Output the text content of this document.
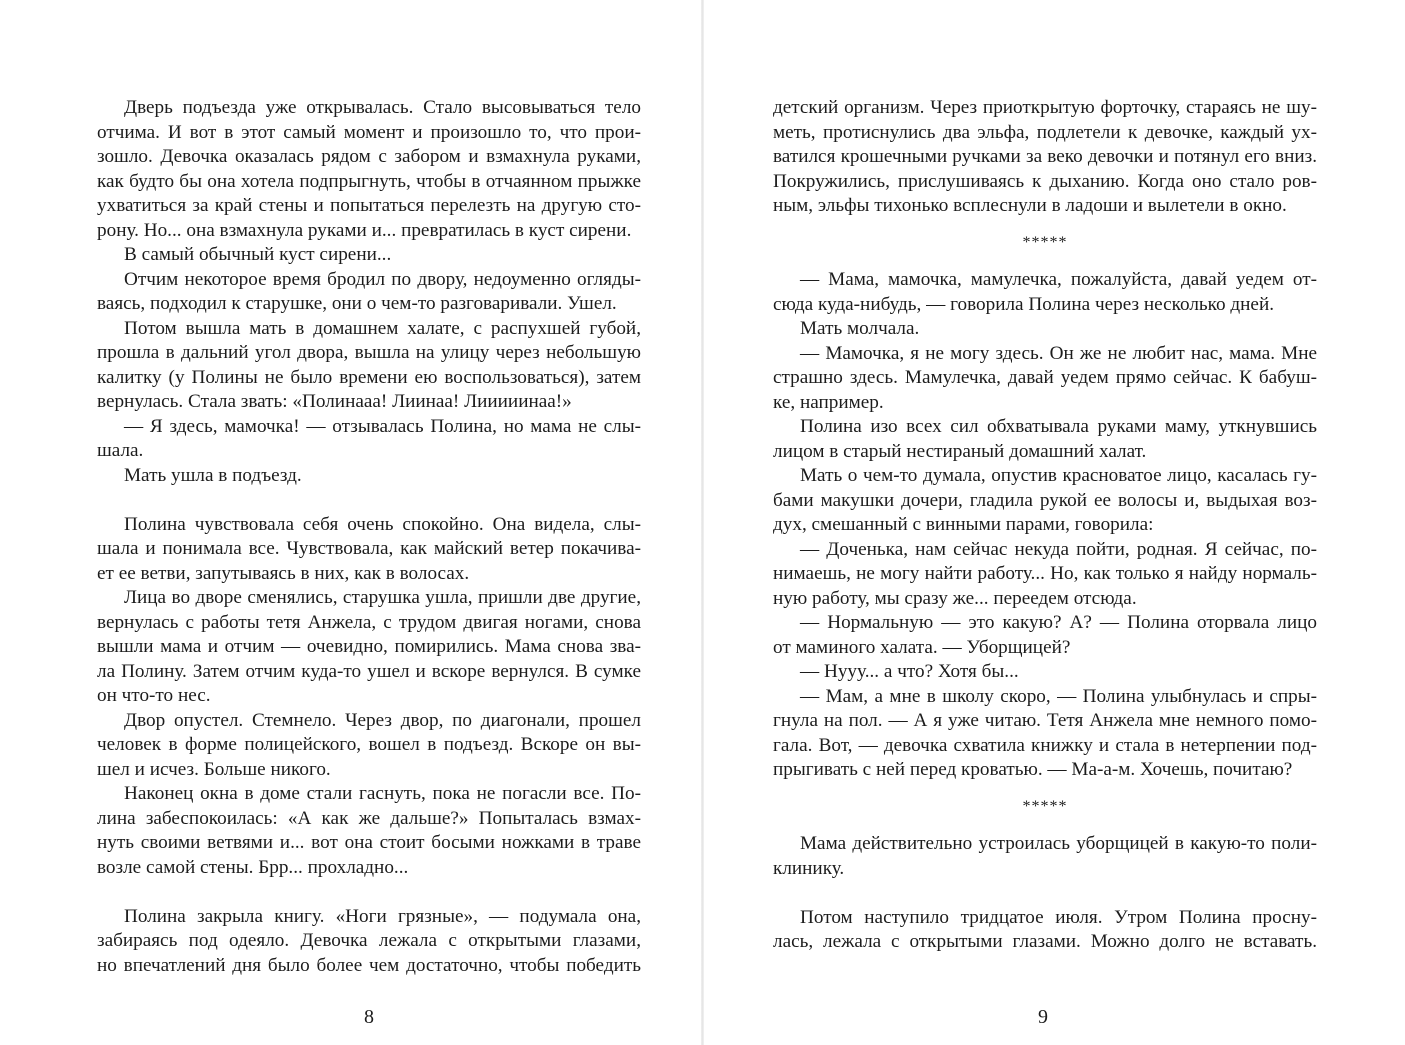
Дверь подъезда уже открывалась. Стало высовываться тело
отчима. И вот в этот самый момент и произошло то, что прои-
зошло. Девочка оказалась рядом с забором и взмахнула руками,
как будто бы она хотела подпрыгнуть, чтобы в отчаянном прыжке
ухватиться за край стены и попытаться перелезть на другую сто-
рону. Но... она взмахнула руками и... превратилась в куст сирени.
В самый обычный куст сирени...
Отчим некоторое время бродил по двору, недоуменно огляды-
ваясь, подходил к старушке, они о чем-то разговаривали. Ушел.
Потом вышла мать в домашнем халате, с распухшей губой,
прошла в дальний угол двора, вышла на улицу через небольшую
калитку (у Полины не было времени ею воспользоваться), затем
вернулась. Стала звать: «Полинааа! Лиинаа! Лииииинаа!»
— Я здесь, мамочка! — отзывалась Полина, но мама не слы-
шала.
Мать ушла в подъезд.
Полина чувствовала себя очень спокойно. Она видела, слы-
шала и понимала все. Чувствовала, как майский ветер покачива-
ет ее ветви, запутываясь в них, как в волосах.
Лица во дворе сменялись, старушка ушла, пришли две другие,
вернулась с работы тетя Анжела, с трудом двигая ногами, снова
вышли мама и отчим — очевидно, помирились. Мама снова зва-
ла Полину. Затем отчим куда-то ушел и вскоре вернулся. В сумке
он что-то нес.
Двор опустел. Стемнело. Через двор, по диагонали, прошел
человек в форме полицейского, вошел в подъезд. Вскоре он вы-
шел и исчез. Больше никого.
Наконец окна в доме стали гаснуть, пока не погасли все. По-
лина забеспокоилась: «А как же дальше?» Попыталась взмах-
нуть своими ветвями и... вот она стоит босыми ножками в траве
возле самой стены. Брр... прохладно...
Полина закрыла книгу. «Ноги грязные», — подумала она,
забираясь под одеяло. Девочка лежала с открытыми глазами,
но впечатлений дня было более чем достаточно, чтобы победить
8
детский организм. Через приоткрытую форточку, стараясь не шу-
меть, протиснулись два эльфа, подлетели к девочке, каждый ух-
ватился крошечными ручками за веко девочки и потянул его вниз.
Покружились, прислушиваясь к дыханию. Когда оно стало ров-
ным, эльфы тихонько всплеснули в ладоши и вылетели в окно.
*****
— Мама, мамочка, мамулечка, пожалуйста, давай уедем от-
сюда куда-нибудь, — говорила Полина через несколько дней.
Мать молчала.
— Мамочка, я не могу здесь. Он же не любит нас, мама. Мне
страшно здесь. Мамулечка, давай уедем прямо сейчас. К бабуш-
ке, например.
Полина изо всех сил обхватывала руками маму, уткнувшись
лицом в старый нестираный домашний халат.
Мать о чем-то думала, опустив красноватое лицо, касалась гу-
бами макушки дочери, гладила рукой ее волосы и, выдыхая воз-
дух, смешанный с винными парами, говорила:
— Доченька, нам сейчас некуда пойти, родная. Я сейчас, по-
нимаешь, не могу найти работу... Но, как только я найду нормаль-
ную работу, мы сразу же... переедем отсюда.
— Нормальную — это какую? А? — Полина оторвала лицо
от маминого халата. — Уборщицей?
— Нууу... а что? Хотя бы...
— Мам, а мне в школу скоро, — Полина улыбнулась и спры-
гнула на пол. — А я уже читаю. Тетя Анжела мне немного помо-
гала. Вот, — девочка схватила книжку и стала в нетерпении под-
прыгивать с ней перед кроватью. — Ма-а-м. Хочешь, почитаю?
*****
Мама действительно устроилась уборщицей в какую-то поли-
клинику.
Потом наступило тридцатое июля. Утром Полина просну-
лась, лежала с открытыми глазами. Можно долго не вставать.
9
